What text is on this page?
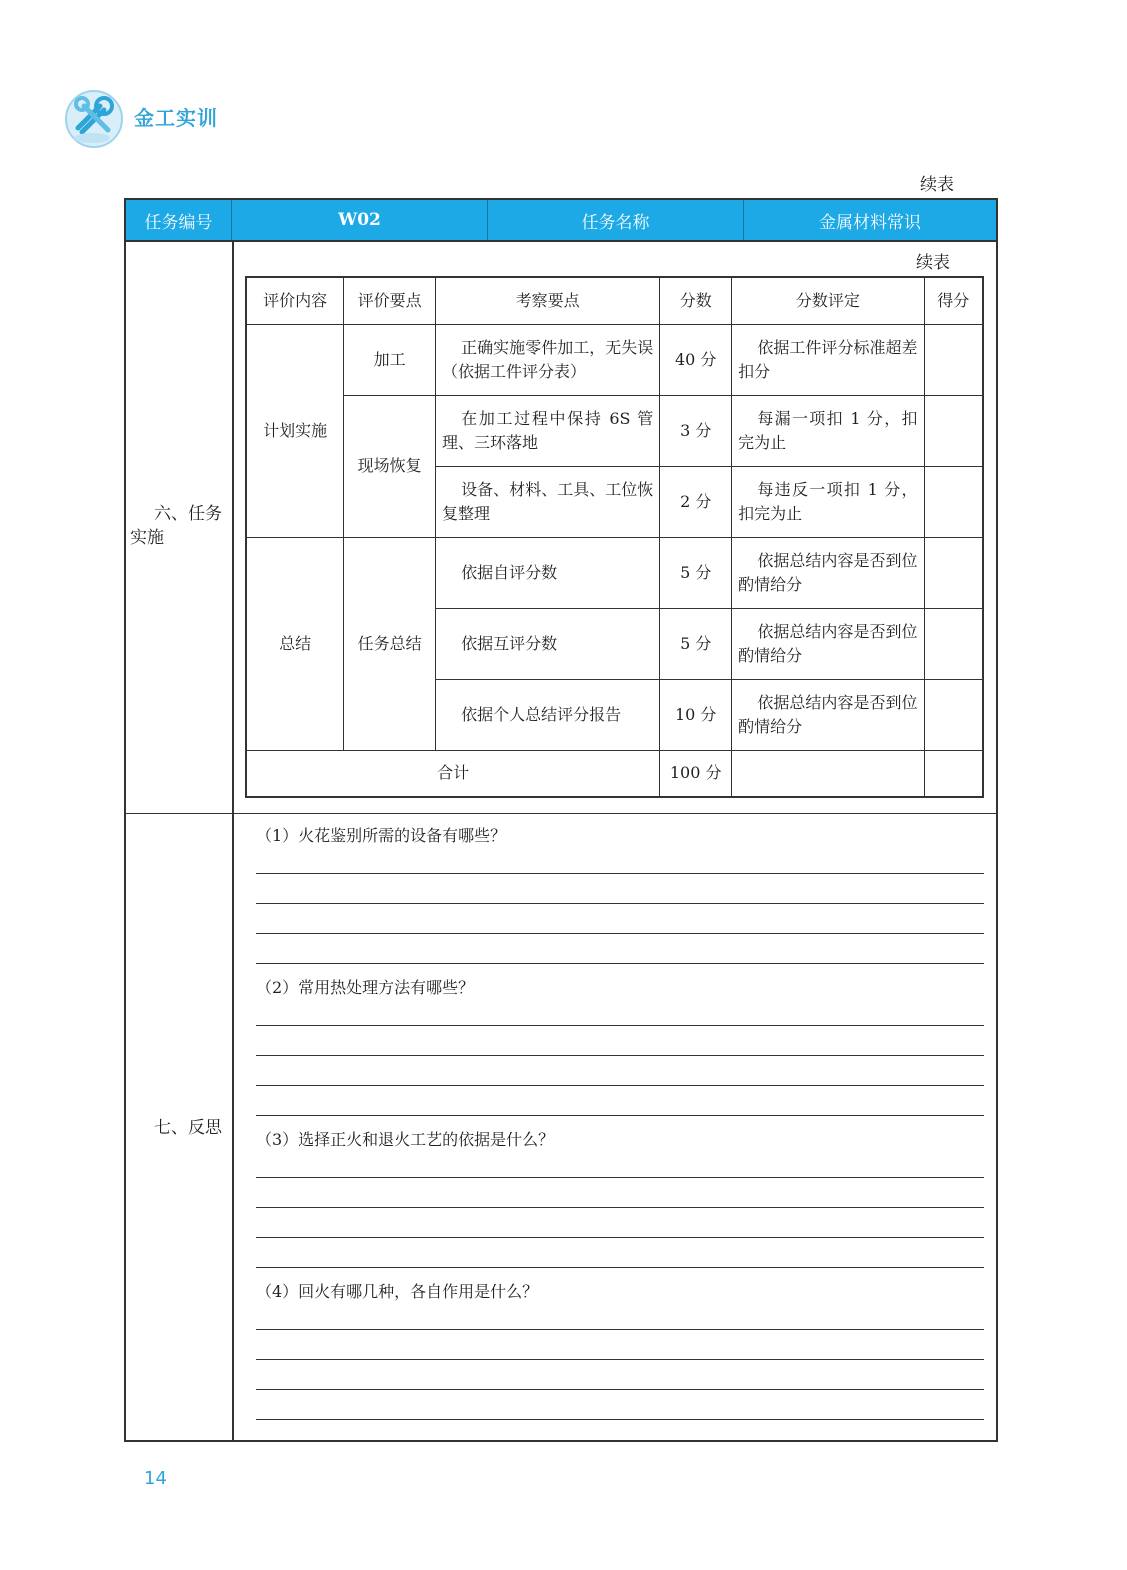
金工实训
续表
任务编号	W02	任务名称	金属材料常识
六、任务实施
七、反思
续表
评价内容	评价要点	考察要点	分数	分数评定	得分
计划实施	加工	正确实施零件加工，无失误（依据工件评分表）	40 分	依据工件评分标准超差扣分	
	现场恢复	在加工过程中保持 6S 管理、三环落地	3 分	每漏一项扣 1 分，扣完为止	
		设备、材料、工具、工位恢复整理	2 分	每违反一项扣 1 分，扣完为止	
总结	任务总结	依据自评分数	5 分	依据总结内容是否到位酌情给分	
		依据互评分数	5 分	依据总结内容是否到位酌情给分	
		依据个人总结评分报告	10 分	依据总结内容是否到位酌情给分	
合计			100 分		
（1）火花鉴别所需的设备有哪些？
（2）常用热处理方法有哪些？
（3）选择正火和退火工艺的依据是什么？
（4）回火有哪几种，各自作用是什么？
14
